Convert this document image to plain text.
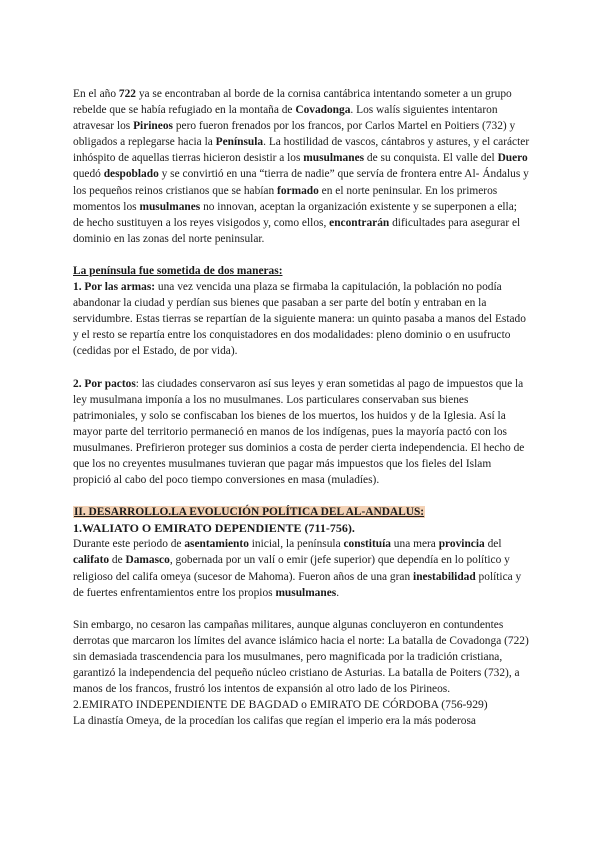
En el año 722 ya se encontraban al borde de la cornisa cantábrica intentando someter a un grupo rebelde que se había refugiado en la montaña de Covadonga. Los walís siguientes intentaron atravesar los Pirineos pero fueron frenados por los francos, por Carlos Martel en Poitiers (732) y obligados a replegarse hacia la Península. La hostilidad de vascos, cántabros y astures, y el carácter inhóspito de aquellas tierras hicieron desistir a los musulmanes de su conquista. El valle del Duero quedó despoblado y se convirtió en una “tierra de nadie” que servía de frontera entre Al- Ándalus y los pequeños reinos cristianos que se habían formado en el norte peninsular. En los primeros momentos los musulmanes no innovan, aceptan la organización existente y se superponen a ella; de hecho sustituyen a los reyes visigodos y, como ellos, encontrarán dificultades para asegurar el dominio en las zonas del norte peninsular.

La península fue sometida de dos maneras:

1. Por las armas: una vez vencida una plaza se firmaba la capitulación, la población no podía abandonar la ciudad y perdían sus bienes que pasaban a ser parte del botín y entraban en la servidumbre. Estas tierras se repartían de la siguiente manera: un quinto pasaba a manos del Estado y el resto se repartía entre los conquistadores en dos modalidades: pleno dominio o en usufructo (cedidas por el Estado, de por vida).

2. Por pactos: las ciudades conservaron así sus leyes y eran sometidas al pago de impuestos que la ley musulmana imponía a los no musulmanes. Los particulares conservaban sus bienes patrimoniales, y solo se confiscaban los bienes de los muertos, los huidos y de la Iglesia. Así la mayor parte del territorio permaneció en manos de los indígenas, pues la mayoría pactó con los musulmanes. Prefirieron proteger sus dominios a costa de perder cierta independencia. El hecho de que los no creyentes musulmanes tuvieran que pagar más impuestos que los fieles del Islam propició al cabo del poco tiempo conversiones en masa (muladíes).

II. DESARROLLO.LA EVOLUCIÓN POLÍTICA DEL AL-ANDALUS:

1.WALIATO O EMIRATO DEPENDIENTE (711-756).

Durante este periodo de asentamiento inicial, la península constituía una mera provincia del califato de Damasco, gobernada por un valí o emir (jefe superior) que dependía en lo político y religioso del califa omeya (sucesor de Mahoma). Fueron años de una gran inestabilidad política y de fuertes enfrentamientos entre los propios musulmanes.

Sin embargo, no cesaron las campañas militares, aunque algunas concluyeron en contundentes derrotas que marcaron los límites del avance islámico hacia el norte: La batalla de Covadonga (722) sin demasiada trascendencia para los musulmanes, pero magnificada por la tradición cristiana, garantizó la independencia del pequeño núcleo cristiano de Asturias. La batalla de Poiters (732), a manos de los francos, frustró los intentos de expansión al otro lado de los Pirineos.

2.EMIRATO INDEPENDIENTE DE BAGDAD o EMIRATO DE CÓRDOBA (756-929)

La dinastía Omeya, de la procedían los califas que regían el imperio era la más poderosa
